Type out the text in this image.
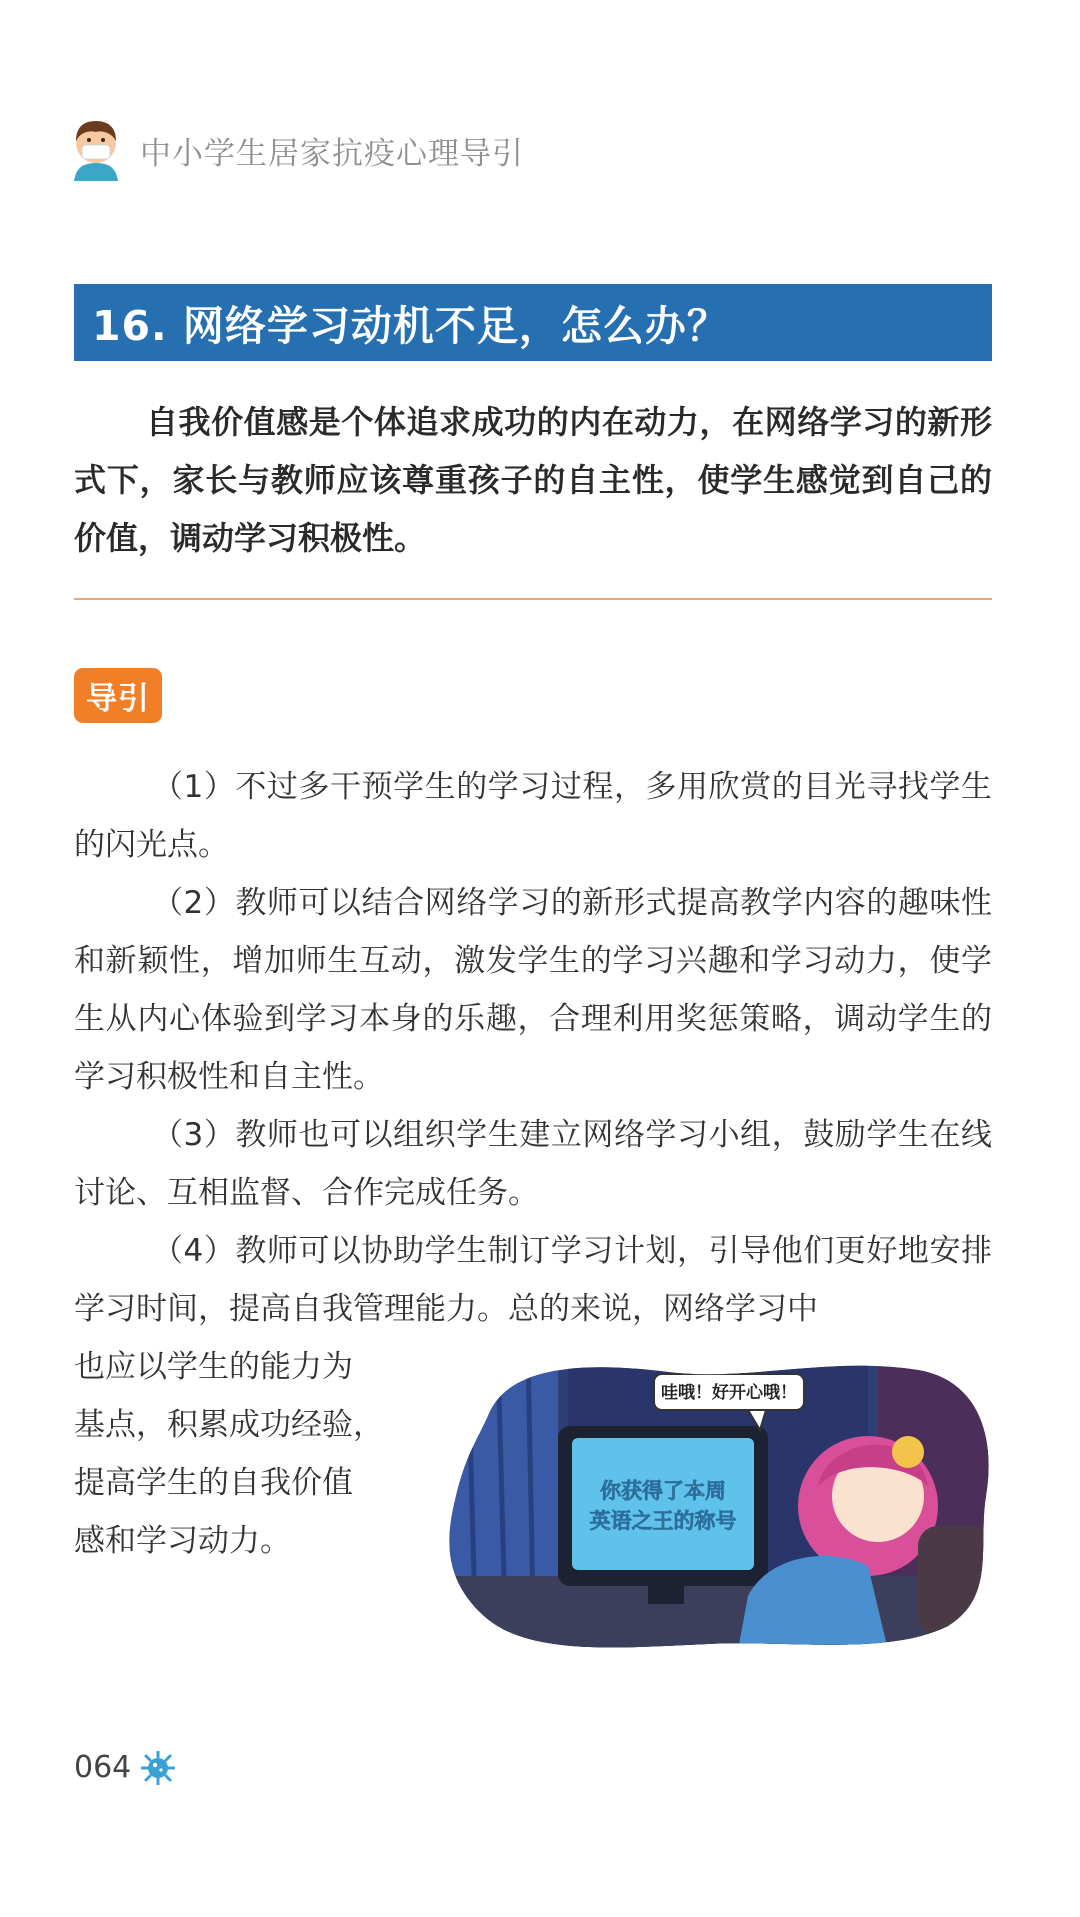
中小学生居家抗疫心理导引
16. 网络学习动机不足，怎么办？

自我价值感是个体追求成功的内在动力，在网络学习的新形式下，家长与教师应该尊重孩子的自主性，使学生感觉到自己的价值，调动学习积极性。

导引

（1）不过多干预学生的学习过程，多用欣赏的目光寻找学生的闪光点。

（2）教师可以结合网络学习的新形式提高教学内容的趣味性和新颖性，增加师生互动，激发学生的学习兴趣和学习动力，使学生从内心体验到学习本身的乐趣，合理利用奖惩策略，调动学生的学习积极性和自主性。

（3）教师也可以组织学生建立网络学习小组，鼓励学生在线讨论、互相监督、合作完成任务。

（4）教师可以协助学生制订学习计划，引导他们更好地安排学习时间，提高自我管理能力。总的来说，网络学习中

也应以学生的能力为

基点，积累成功经验，

提高学生的自我价值

感和学习动力。

哇哦！好开心哦！
你获得了本周
英语之王的称号
064
